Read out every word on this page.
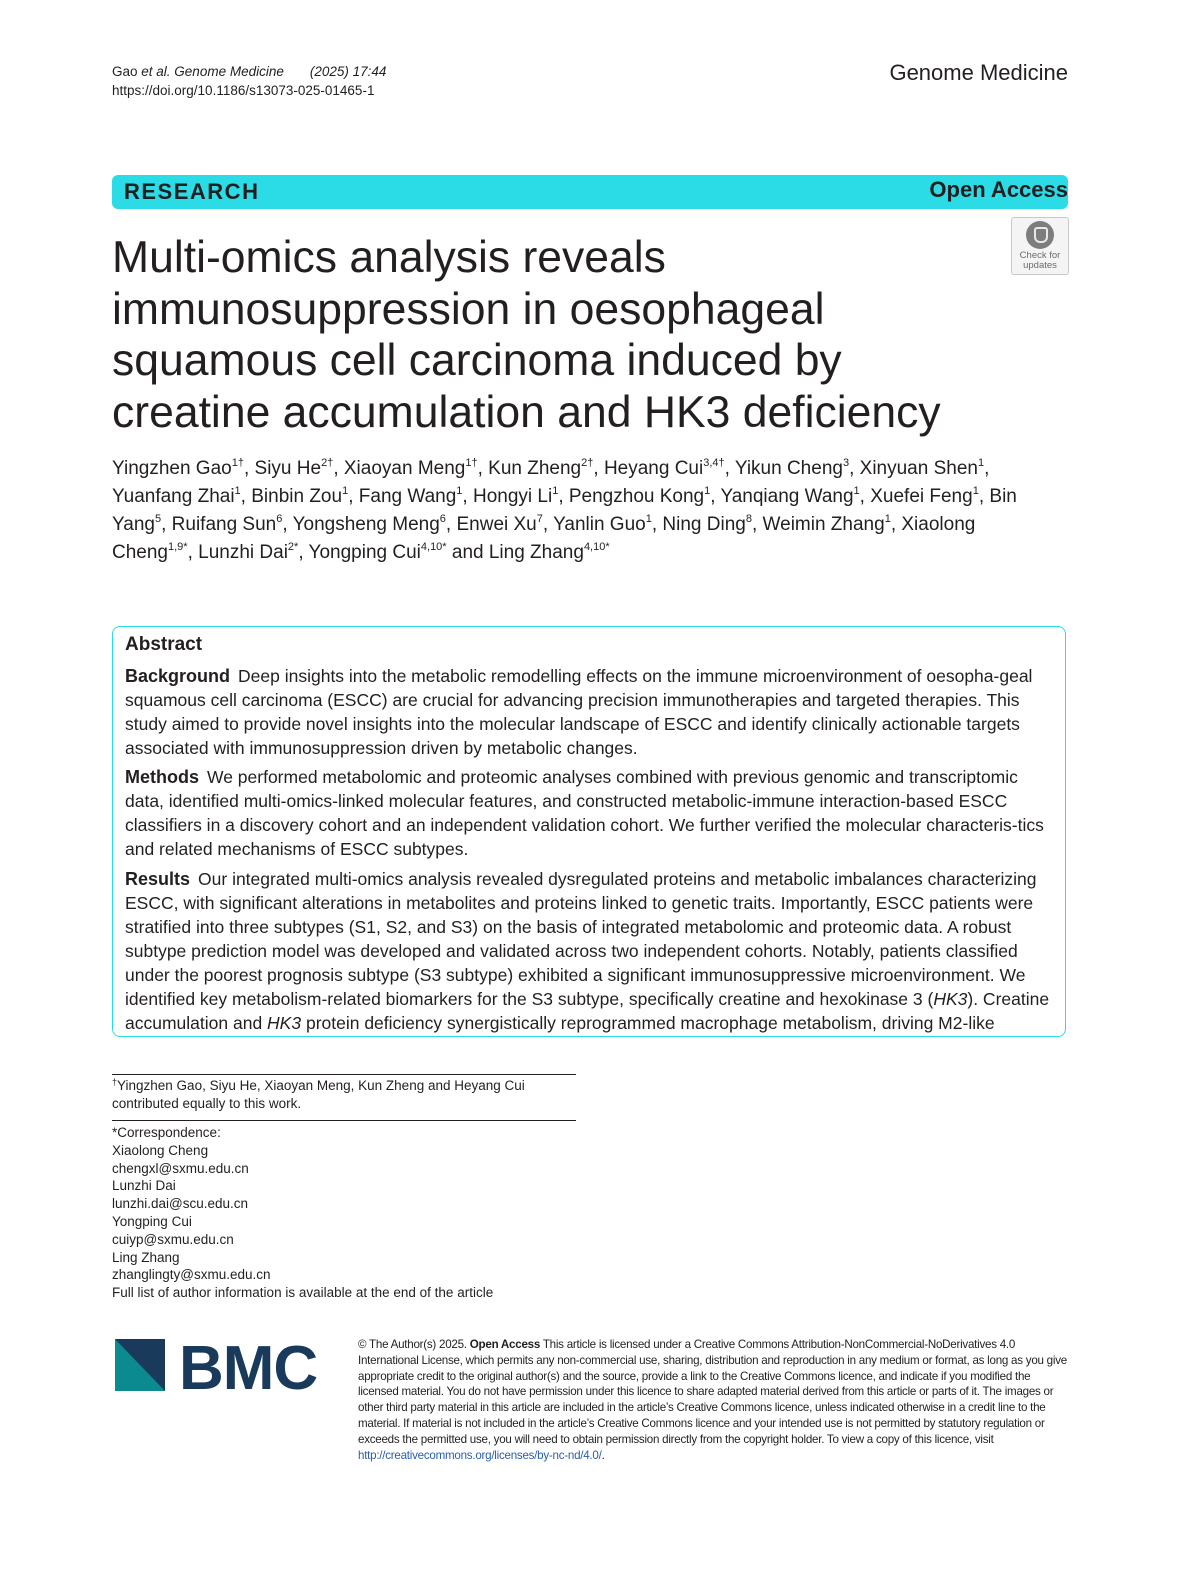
Gao et al. Genome Medicine (2025) 17:44
https://doi.org/10.1186/s13073-025-01465-1
Genome Medicine
RESEARCH	Open Access
Check for
updates
Multi-omics analysis reveals immunosuppression in oesophageal squamous cell carcinoma induced by creatine accumulation and HK3 deficiency
Yingzhen Gao$^{1\dagger}$, Siyu $He^{2\dagger}$, Xiaoyan Meng$^{1\dagger}$, Kun Zheng$^{2\dagger}$, Heyang Cui$^{3,4\dagger}$, Yikun Cheng$^3$, Xinyuan Shen$^1$, Yuanfang Zhai$^1$, Binbin Zou$^1$, Fang Wang$^1$, Hongyi Li$^1$, Pengzhou Kong$^1$, Yanqiang Wang$^1$, Xuefei Feng$^1$, Bin Yang$^5$, Ruifang Sun$^6$, Yongsheng Meng$^6$, Enwei Xu$^7$, Yanlin Guo$^1$, Ning Ding$^8$, Weimin Zhang$^1$, Xiaolong Cheng$^{1,9*}$, Lunzhi Dai$^{2*}$, Yongping Cui$^{4,10*}$ and Ling Zhang$^{4,10*}$
Abstract
Background Deep insights into the metabolic remodelling effects on the immune microenvironment of oesopha-geal squamous cell carcinoma (ESCC) are crucial for advancing precision immunotherapies and targeted therapies. This study aimed to provide novel insights into the molecular landscape of ESCC and identify clinically actionable targets associated with immunosuppression driven by metabolic changes.
Methods We performed metabolomic and proteomic analyses combined with previous genomic and transcriptomic data, identified multi-omics-linked molecular features, and constructed metabolic-immune interaction-based ESCC classifiers in a discovery cohort and an independent validation cohort. We further verified the molecular characteris-tics and related mechanisms of ESCC subtypes.
Results Our integrated multi-omics analysis revealed dysregulated proteins and metabolic imbalances characterizing ESCC, with significant alterations in metabolites and proteins linked to genetic traits. Importantly, ESCC patients were stratified into three subtypes (S1, S2, and S3) on the basis of integrated metabolomic and proteomic data. A robust subtype prediction model was developed and validated across two independent cohorts. Notably, patients classified under the poorest prognosis subtype (S3 subtype) exhibited a significant immunosuppressive microenvironment. We identified key metabolism-related biomarkers for the S3 subtype, specifically creatine and hexokinase 3 (HK3). Creatine accumulation and HK3 protein deficiency synergistically reprogrammed macrophage metabolism, driving M2-like
†Yingzhen Gao, Siyu He, Xiaoyan Meng, Kun Zheng and Heyang Cui contributed equally to this work.
*Correspondence:
Xiaolong Cheng
chengxl@sxmu.edu.cn
Lunzhi Dai
lunzhi.dai@scu.edu.cn
Yongping Cui
cuiyp@sxmu.edu.cn
Ling Zhang
zhanglingty@sxmu.edu.cn
Full list of author information is available at the end of the article
BMC	© The Author(s) 2025. Open Access This article is licensed under a Creative Commons Attribution-NonCommercial-NoDerivatives 4.0 International License, which permits any non-commercial use, sharing, distribution and reproduction in any medium or format, as long as you give appropriate credit to the original author(s) and the source, provide a link to the Creative Commons licence, and indicate if you modified the licensed material. You do not have permission under this licence to share adapted material derived from this article or parts of it. The images or other third party material in this article are included in the article’s Creative Commons licence, unless indicated otherwise in a credit line to the material. If material is not included in the article’s Creative Commons licence and your intended use is not permitted by statutory regulation or exceeds the permitted use, you will need to obtain permission directly from the copyright holder. To view a copy of this licence, visit http://creativecommons.org/licenses/by-nc-nd/4.0/.
